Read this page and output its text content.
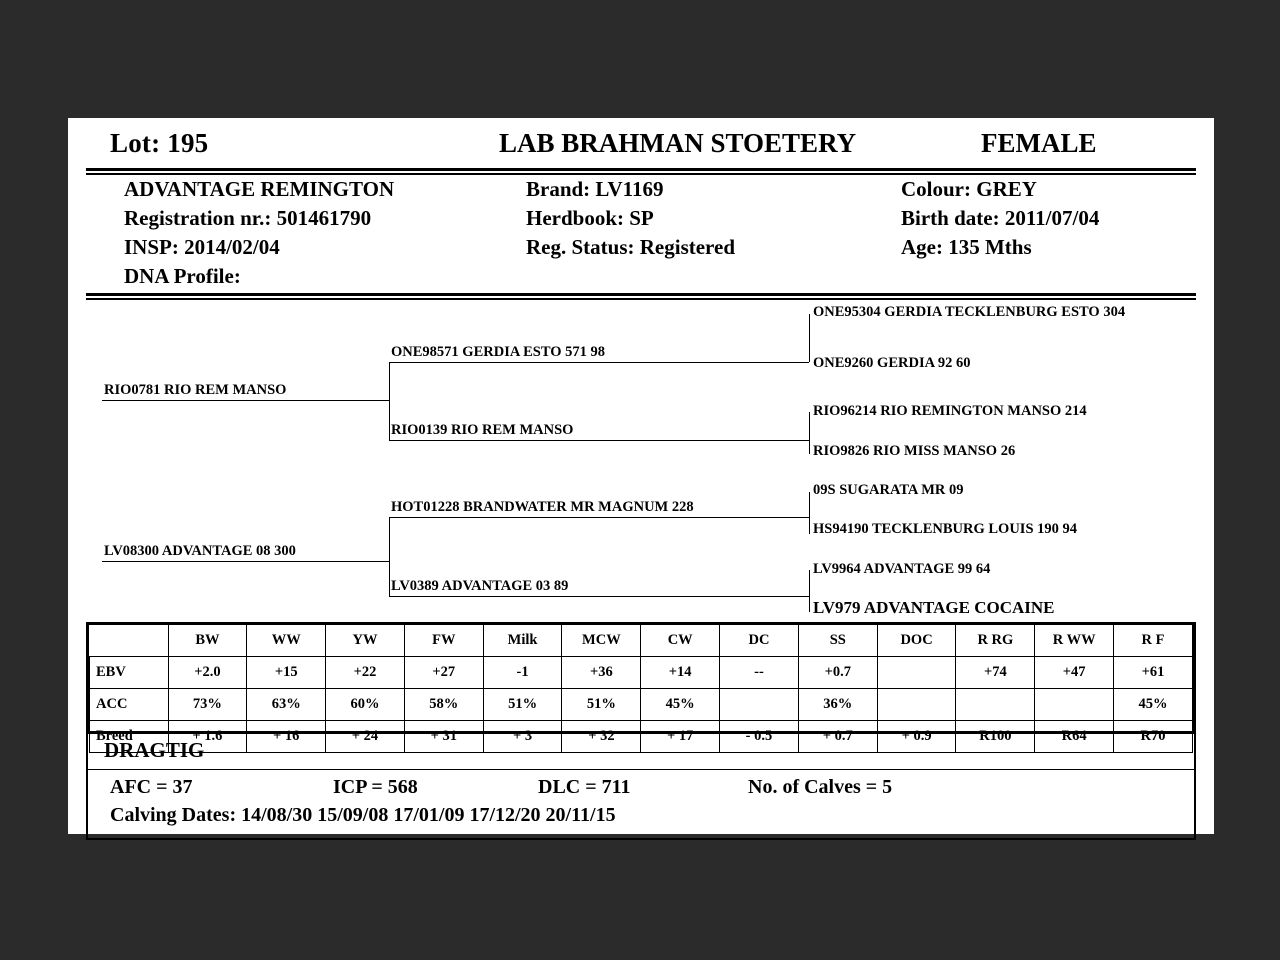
Lot: 195	LAB BRAHMAN STOETERY	FEMALE
ADVANTAGE REMINGTON
Registration nr.: 501461790
INSP: 2014/02/04
DNA Profile:
Brand: LV1169
Herdbook: SP
Reg. Status: Registered
Colour: GREY
Birth date: 2011/07/04
Age: 135 Mths
RIO0781 RIO REM MANSO
LV08300 ADVANTAGE 08 300
ONE98571 GERDIA ESTO 571 98
RIO0139 RIO REM MANSO
HOT01228 BRANDWATER MR MAGNUM 228
LV0389 ADVANTAGE 03 89
ONE95304 GERDIA TECKLENBURG ESTO 304
ONE9260 GERDIA 92 60
RIO96214 RIO REMINGTON MANSO 214
RIO9826 RIO MISS MANSO 26
09S SUGARATA MR 09
HS94190 TECKLENBURG LOUIS 190 94
LV9964 ADVANTAGE 99 64
LV979 ADVANTAGE COCAINE
	BW	WW	YW	FW	Milk	MCW	CW	DC	SS	DOC	R RG	R WW	R F
EBV	+2.0	+15	+22	+27	-1	+36	+14	--	+0.7		+74	+47	+61
ACC	73%	63%	60%	58%	51%	51%	45%		36%				45%
Breed	+ 1.6	+ 16	+ 24	+ 31	+ 3	+ 32	+ 17	- 0.5	+ 0.7	+ 0.9	R100	R64	R70
DRAGTIG
AFC = 37	ICP = 568	DLC = 711	No. of Calves = 5
Calving Dates: 14/08/30 15/09/08 17/01/09 17/12/20 20/11/15
